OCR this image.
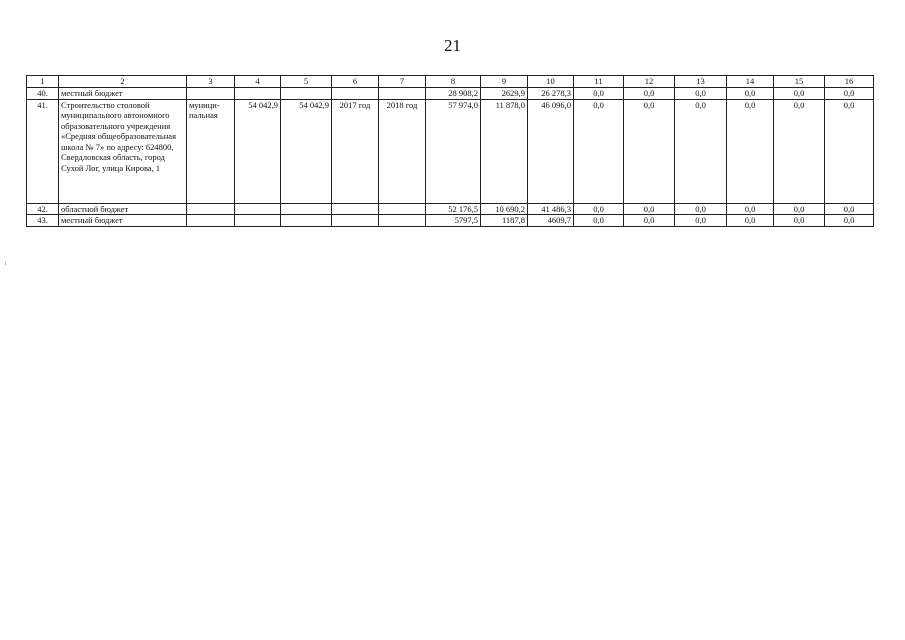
21
1	2	3	4	5	6	7	8	9	10	11	12	13	14	15	16
40.	местный бюджет						28 908,2	2629,9	26 278,3	0,0	0,0	0,0	0,0	0,0	0,0
41.	Строительство столовой муниципального автономного образовательного учреждения «Средняя общеобразовательная школа № 7» по адресу: 624800, Свердловская область, город Сухой Лог, улица Кирова, 1	муници-пальная	54 042,9	54 042,9	2017 год	2018 год	57 974,0	11 878,0	46 096,0	0,0	0,0	0,0	0,0	0,0	0,0
42.	областной бюджет						52 176,5	10 690,2	41 486,3	0,0	0,0	0,0	0,0	0,0	0,0
43.	местный бюджет						5797,5	1187,8	4609,7	0,0	0,0	0,0	0,0	0,0	0,0
